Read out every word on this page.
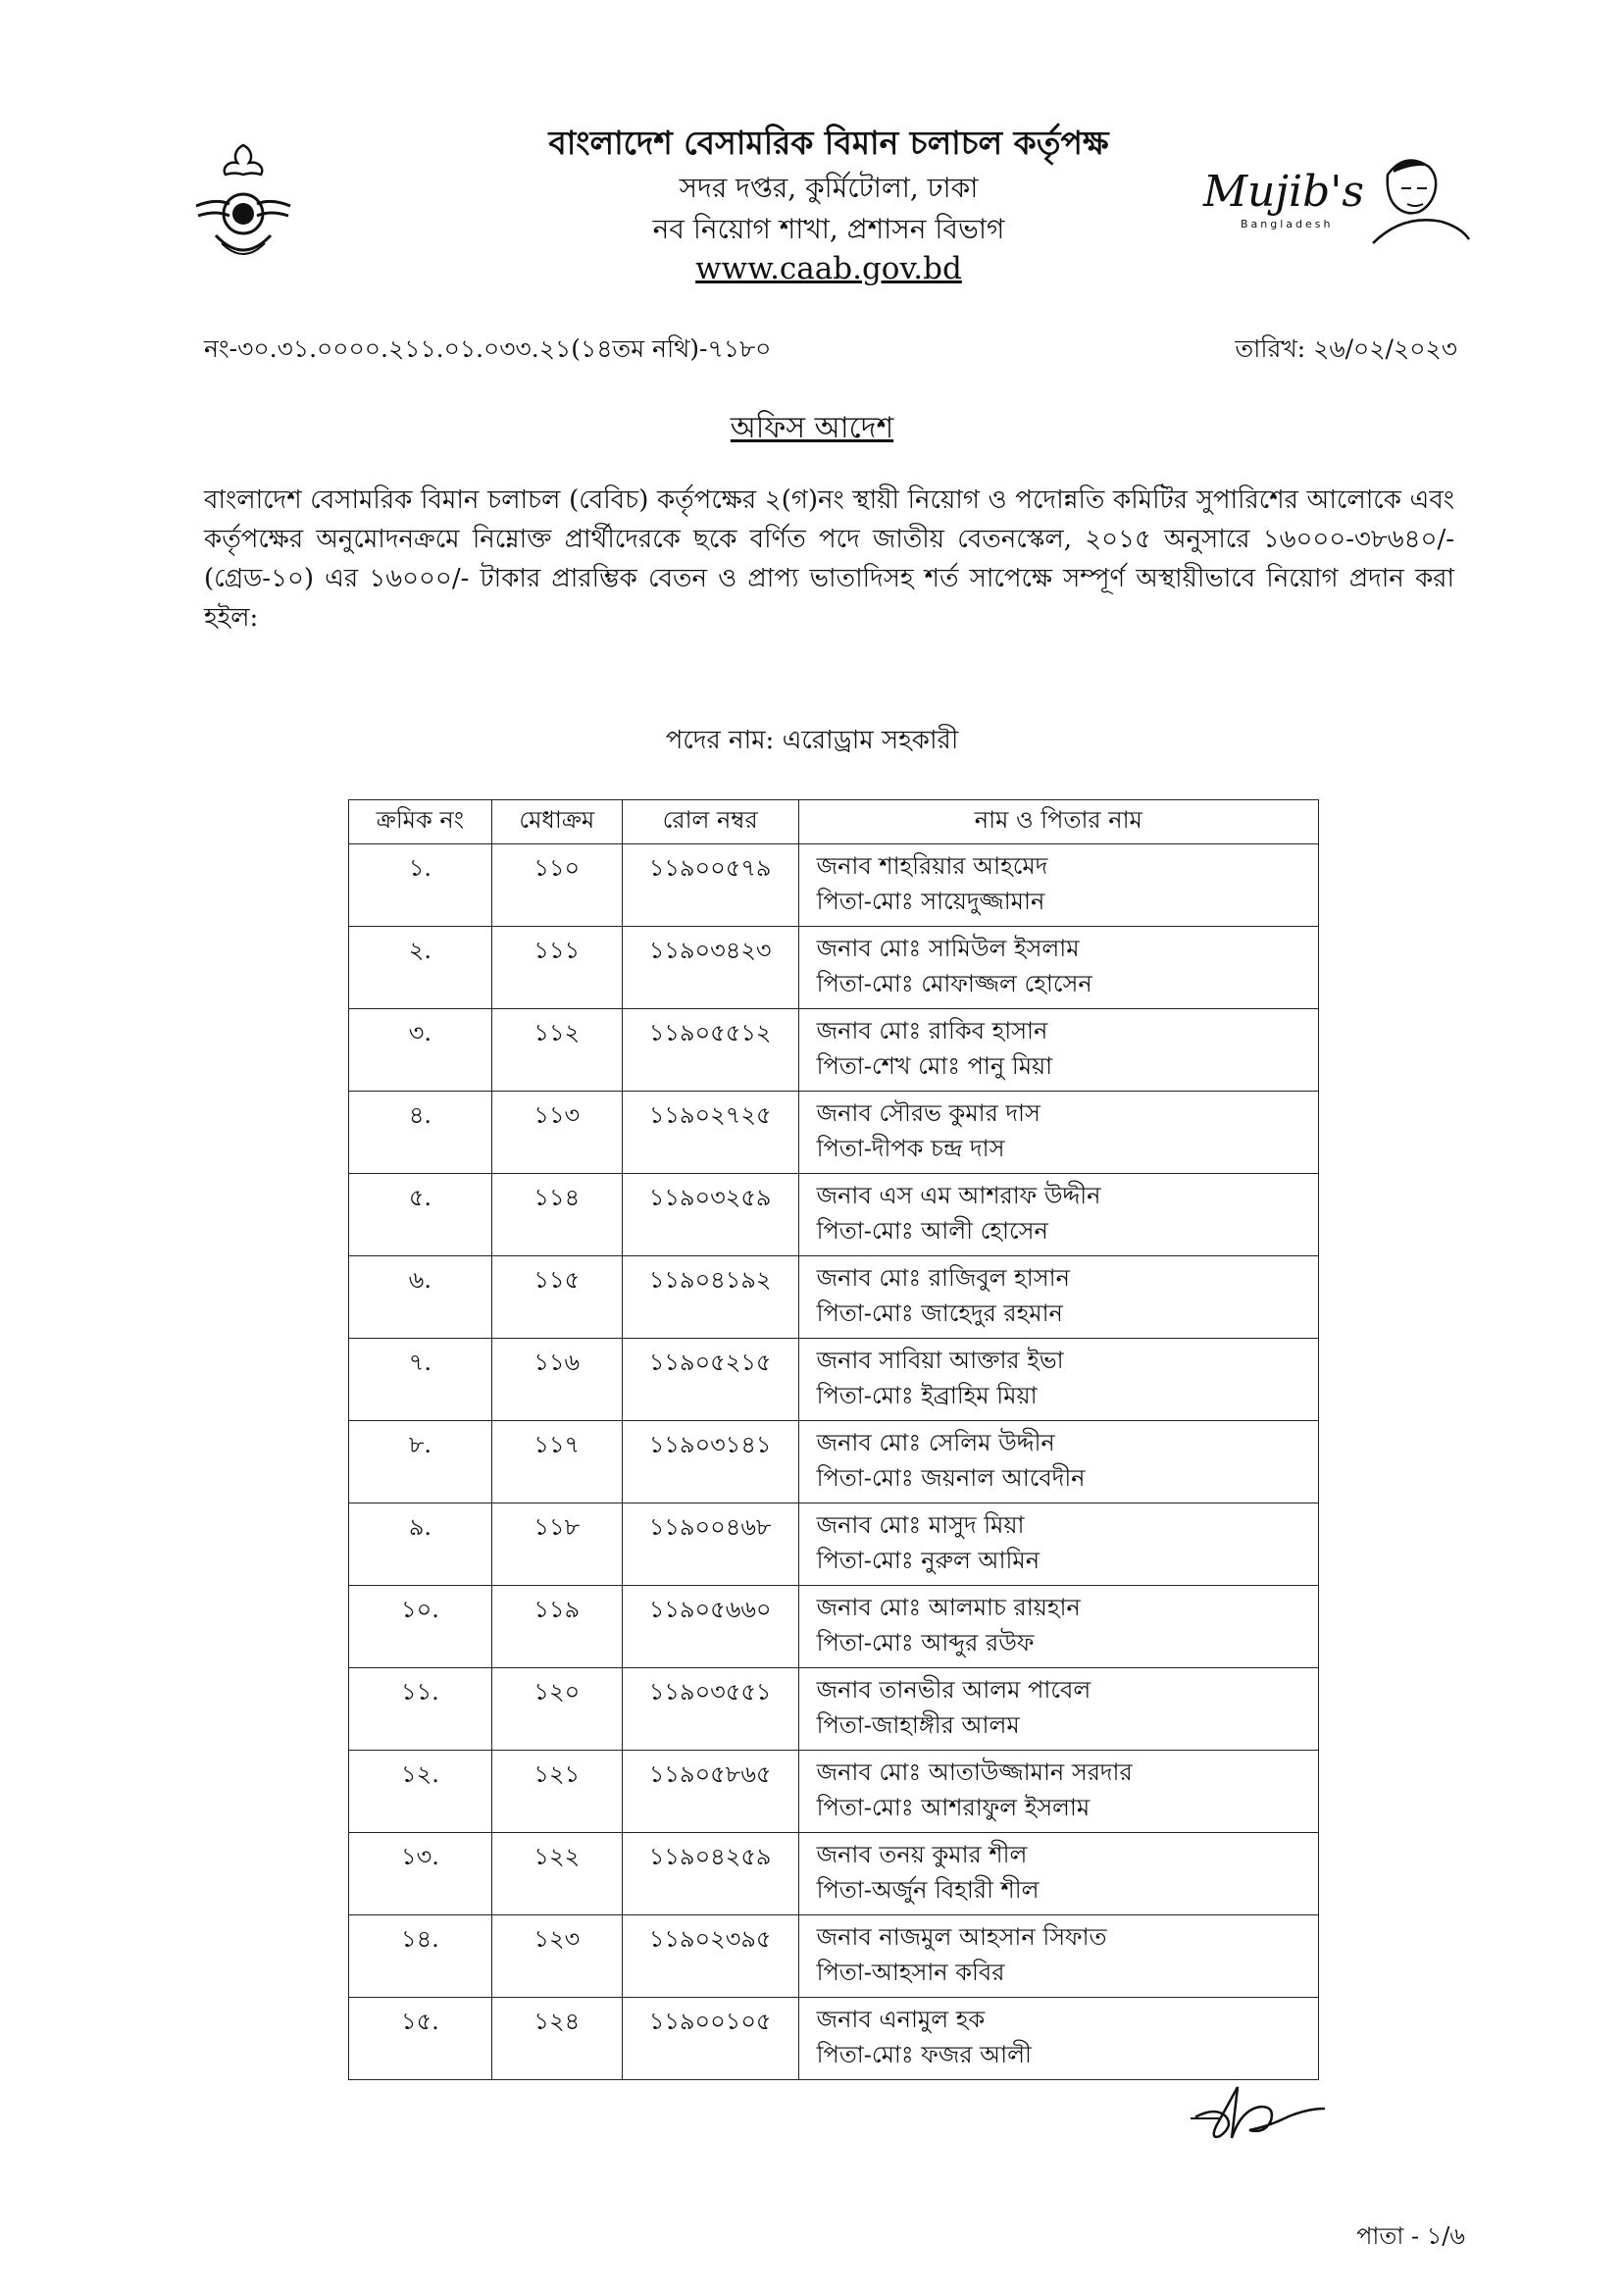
বাংলাদেশ বেসামরিক বিমান চলাচল কর্তৃপক্ষ
সদর দপ্তর, কুর্মিটোলা, ঢাকা
নব নিয়োগ শাখা, প্রশাসন বিভাগ
www.caab.gov.bd
Mujib's
Bangladesh
নং-৩০.৩১.০০০০.২১১.০১.০৩৩.২১(১৪তম নথি)-৭১৮০	তারিখ: ২৬/০২/২০২৩
অফিস আদেশ

বাংলাদেশ বেসামরিক বিমান চলাচল (বেবিচ) কর্তৃপক্ষের ২(গ)নং স্থায়ী নিয়োগ ও পদোন্নতি কমিটির সুপারিশের আলোকে এবং কর্তৃপক্ষের অনুমোদনক্রমে নিম্নোক্ত প্রার্থীদেরকে ছকে বর্ণিত পদে জাতীয় বেতনস্কেল, ২০১৫ অনুসারে ১৬০০০-৩৮৬৪০/- (গ্রেড-১০) এর ১৬০০০/- টাকার প্রারম্ভিক বেতন ও প্রাপ্য ভাতাদিসহ শর্ত সাপেক্ষে সম্পূর্ণ অস্থায়ীভাবে নিয়োগ প্রদান করা হইল:

পদের নাম: এরোড্রাম সহকারী
ক্রমিক নং	মেধাক্রম	রোল নম্বর	নাম ও পিতার নাম
১.	১১০	১১৯০০৫৭৯	জনাব শাহরিয়ার আহমেদ
পিতা-মোঃ সায়েদুজ্জামান

২.	১১১	১১৯০৩৪২৩	জনাব মোঃ সামিউল ইসলাম
পিতা-মোঃ মোফাজ্জল হোসেন

৩.	১১২	১১৯০৫৫১২	জনাব মোঃ রাকিব হাসান
পিতা-শেখ মোঃ পানু মিয়া

৪.	১১৩	১১৯০২৭২৫	জনাব সৌরভ কুমার দাস
পিতা-দীপক চন্দ্র দাস

৫.	১১৪	১১৯০৩২৫৯	জনাব এস এম আশরাফ উদ্দীন
পিতা-মোঃ আলী হোসেন

৬.	১১৫	১১৯০৪১৯২	জনাব মোঃ রাজিবুল হাসান
পিতা-মোঃ জাহেদুর রহমান

৭.	১১৬	১১৯০৫২১৫	জনাব সাবিয়া আক্তার ইভা
পিতা-মোঃ ইব্রাহিম মিয়া

৮.	১১৭	১১৯০৩১৪১	জনাব মোঃ সেলিম উদ্দীন
পিতা-মোঃ জয়নাল আবেদীন

৯.	১১৮	১১৯০০৪৬৮	জনাব মোঃ মাসুদ মিয়া
পিতা-মোঃ নুরুল আমিন

১০.	১১৯	১১৯০৫৬৬০	জনাব মোঃ আলমাচ রায়হান
পিতা-মোঃ আব্দুর রউফ

১১.	১২০	১১৯০৩৫৫১	জনাব তানভীর আলম পাবেল
পিতা-জাহাঙ্গীর আলম

১২.	১২১	১১৯০৫৮৬৫	জনাব মোঃ আতাউজ্জামান সরদার
পিতা-মোঃ আশরাফুল ইসলাম

১৩.	১২২	১১৯০৪২৫৯	জনাব তনয় কুমার শীল
পিতা-অর্জুন বিহারী শীল

১৪.	১২৩	১১৯০২৩৯৫	জনাব নাজমুল আহসান সিফাত
পিতা-আহসান কবির

১৫.	১২৪	১১৯০০১০৫	জনাব এনামুল হক
পিতা-মোঃ ফজর আলী
পাতা - ১/৬
